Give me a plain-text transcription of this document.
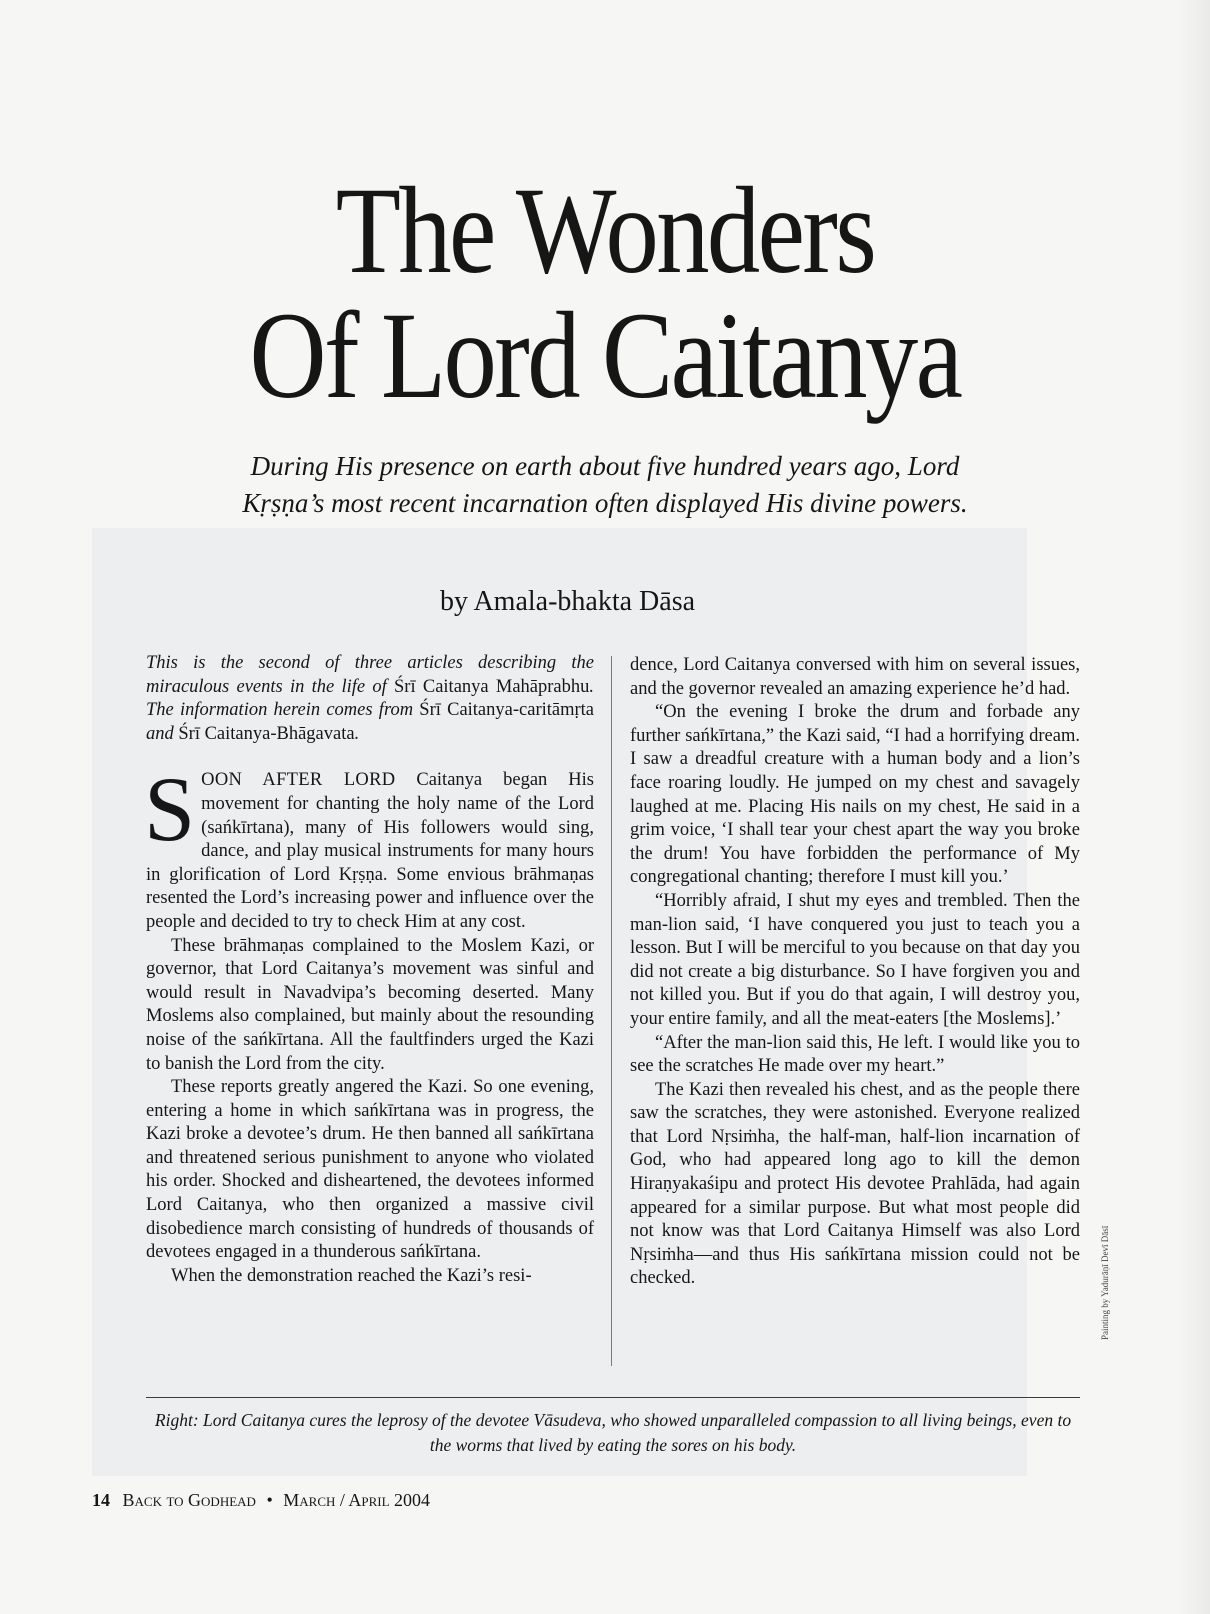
The Wonders
Of Lord Caitanya
During His presence on earth about five hundred years ago, Lord Kṛṣṇa’s most recent incarnation often displayed His divine powers.
by Amala-bhakta Dāsa

This is the second of three articles describing the miraculous events in the life of Śrī Caitanya Mahāprabhu. The information herein comes from Śrī Caitanya-caritāmṛta and Śrī Caitanya-Bhāgavata.

SOON AFTER LORD Caitanya began His movement for chanting the holy name of the Lord (sańkīrtana), many of His followers would sing, dance, and play musical instruments for many hours in glorification of Lord Kṛṣṇa. Some envious brāhmaṇas resented the Lord’s increasing power and influence over the people and decided to try to check Him at any cost.

These brāhmaṇas complained to the Moslem Kazi, or governor, that Lord Caitanya’s movement was sinful and would result in Navadvipa’s becoming deserted. Many Moslems also complained, but mainly about the resounding noise of the sańkīrtana. All the faultfinders urged the Kazi to banish the Lord from the city.

These reports greatly angered the Kazi. So one evening, entering a home in which sańkīrtana was in progress, the Kazi broke a devotee’s drum. He then banned all sańkīrtana and threatened serious punishment to anyone who violated his order. Shocked and disheartened, the devotees informed Lord Caitanya, who then organized a massive civil disobedience march consisting of hundreds of thousands of devotees engaged in a thunderous sańkīrtana.

When the demonstration reached the Kazi’s resi-

dence, Lord Caitanya conversed with him on several issues, and the governor revealed an amazing experience he’d had.

“On the evening I broke the drum and forbade any further sańkīrtana,” the Kazi said, “I had a horrifying dream. I saw a dreadful creature with a human body and a lion’s face roaring loudly. He jumped on my chest and savagely laughed at me. Placing His nails on my chest, He said in a grim voice, ‘I shall tear your chest apart the way you broke the drum! You have forbidden the performance of My congregational chanting; therefore I must kill you.’

“Horribly afraid, I shut my eyes and trembled. Then the man-lion said, ‘I have conquered you just to teach you a lesson. But I will be merciful to you because on that day you did not create a big disturbance. So I have forgiven you and not killed you. But if you do that again, I will destroy you, your entire family, and all the meat-eaters [the Moslems].’

“After the man-lion said this, He left. I would like you to see the scratches He made over my heart.”

The Kazi then revealed his chest, and as the people there saw the scratches, they were astonished. Everyone realized that Lord Nṛsiṁha, the half-man, half-lion incarnation of God, who had appeared long ago to kill the demon Hiraṇyakaśipu and protect His devotee Prahlāda, had again appeared for a similar purpose. But what most people did not know was that Lord Caitanya Himself was also Lord Nṛsiṁha—and thus His sańkīrtana mission could not be checked.

Right: Lord Caitanya cures the leprosy of the devotee Vāsudeva, who showed unparalleled compassion to all living beings, even to the worms that lived by eating the sores on his body.
14 Back to Godhead • March / April 2004
Painting by Yadurāṇī Devī Dāsī
